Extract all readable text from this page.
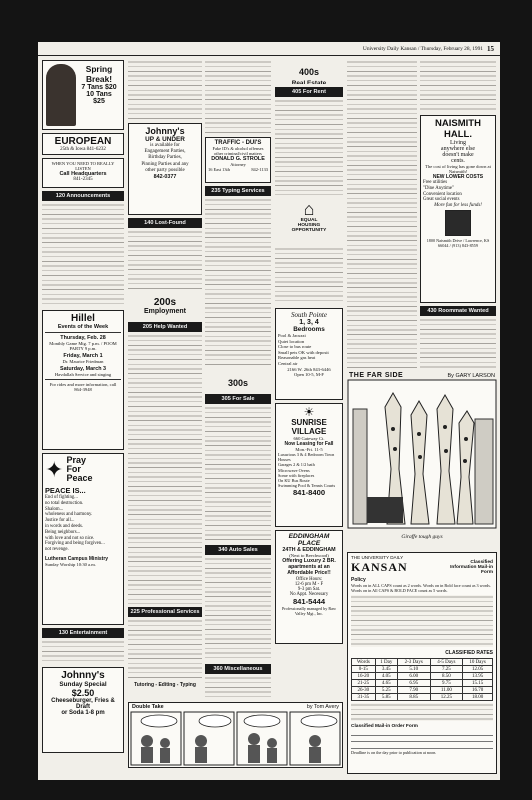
University Daily Kansan / Thursday, February 28, 1991 15
Spring Break!
7 Tans $20
10 Tans
$25
EUROPEAN
25th & Iowa 841-6232
WHEN YOU NEED TO REALLY LISTEN
Call Headquarters
841-2345
120 Announcements
Hillel
Events of the Week
Thursday, Feb. 28
Monthly Game Mtg. 7 p.m. / POOM PARTY 9 p.m.
Friday, March 1
Dr. Maurice Friedman
Saturday, March 3
Havdallah Service and singing
For rides and more information, call 864-3948
✦ Pray
For
Peace
PEACE IS...
End of fighting...
no total destruction.
Shalom...
wholeness and harmony.
Justice for all...
in words and deeds.
Being neighbors...
with love and not so nice.
Forgiving and being forgiven...
not revenge.
Lutheran Campus Ministry
Sunday Worship 10:30 a.m.
130 Entertainment
Johnny's
Sunday Special
$2.50
Cheeseburger, Fries & Draft
or Soda 1-8 pm
Johnny's
UP & UNDER
is available for
Engagement Parties,
Birthday Parties,
Pinning Parties and any
other party possible
842-0377
140 Lost-Found
200s
Employment
205 Help Wanted
225 Professional Services
Tutoring - Editing - Typing
TRAFFIC - DUI'S
Fake ID's & alcohol offenses
other criminal/civil matters
DONALD G. STROLE
Attorney
16 East 13th	842-1133
235 Typing Services
300s
305 For Sale
340 Auto Sales
360 Miscellaneous
400s
Real Estate
405 For Rent
⌂
EQUAL
HOUSING
OPPORTUNITY
South Pointe
1, 3, 4
Bedrooms
Pool & Jacuzzi
Quiet location
Close to bus route
Small pets OK with deposit
Reasonable gas heat
Central air
2166 W. 26th 843-6446
Open 10-5, M-F
☀
SUNRISE
VILLAGE
660 Gateway Ct.
Now Leasing for Fall
Mon.-Fri. 11-5
Luxurious 3 & 4 Bedroom Town Houses
Garages 2 & 1/2 bath
Microwave Ovens
Some with fireplaces
On KU Bus Route
Swimming Pool & Tennis Courts
841-8400
EDDINGHAM PLACE
24TH & EDDINGHAM
(Next to Beechwood)
Offering Luxury 2 BR. apartments at an Affordable Price!!
Office Hours:
12-6 pm M - F
9-3 pm Sat.
No Appt. Necessary
841-5444
Professionally managed by Raw Valley Mgt., Inc.
NAISMITH
HALL.
Living
anywhere else
doesn't make
cents.
The cost of living has gone down at Naismith!
NEW LOWER COSTS
Free utilities
"Dine Anytime"
Convenient location
Great social events
More fun for less funds!
1800 Naismith Drive / Lawrence, KS 66044 / (913) 843-8559
430 Roommate Wanted
THE FAR SIDE	By GARY LARSON
Giraffe tough guys
THE UNIVERSITY DAILY
KANSAN	Classified Information Mail-in Form
Policy
Words on in ALL CAPS count as 2 words. Words on in Bold face count as 3 words. Words on in All CAPS & BOLD FACE count as 5 words.
CLASSIFIED RATES
Words	1 Day	2-3 Days	4-5 Days	10 Days
0-15	3.45	5.10	7.25	12.05
16-20	4.05	6.00	8.50	13.95
21-25	4.65	6.95	9.75	15.15
26-30	5.25	7.90	11.00	16.70
31-35	5.85	8.85	12.25	18.00
Classified Mail-in Order Form
Deadline is on the day prior to publication at noon.
Double Take	by Tom Avery
